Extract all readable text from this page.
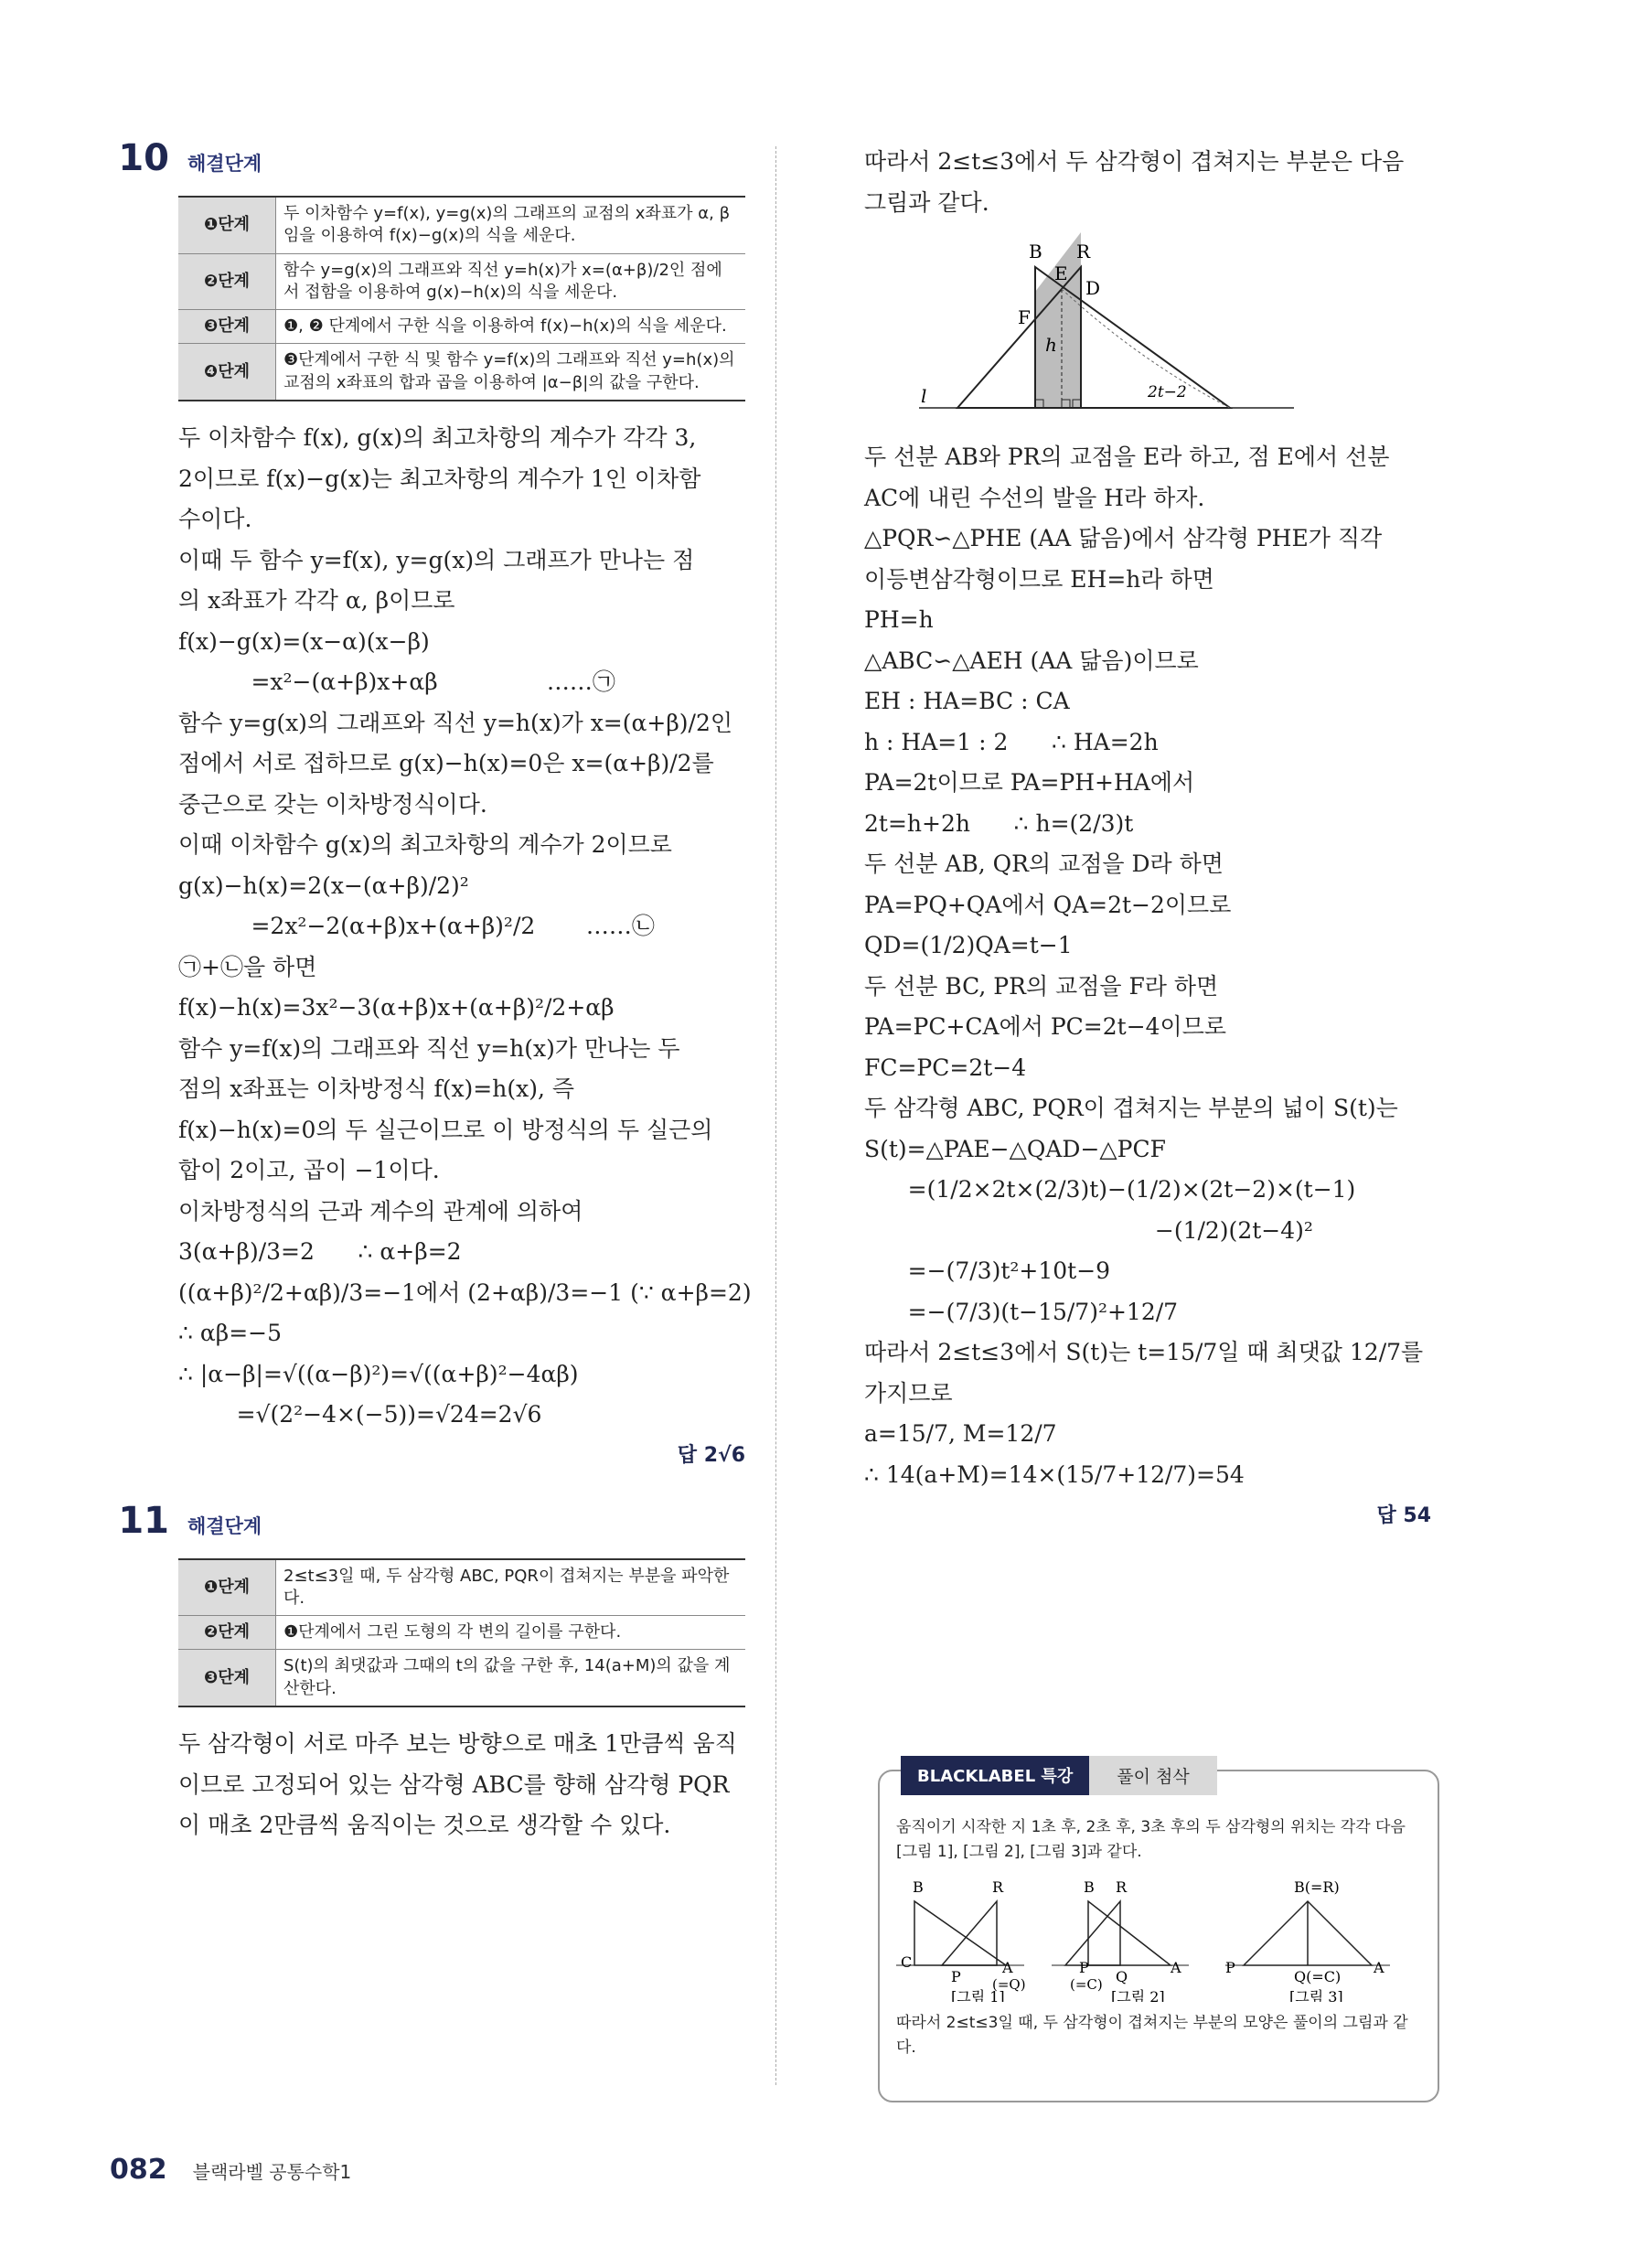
10 해결단계
❶단계	두 이차함수 y=f(x), y=g(x)의 그래프의 교점의 x좌표가 α, β임을 이용하여 f(x)−g(x)의 식을 세운다.
❷단계	함수 y=g(x)의 그래프와 직선 y=h(x)가 x=(α+β)/2인 점에서 접함을 이용하여 g(x)−h(x)의 식을 세운다.
❸단계	❶, ❷ 단계에서 구한 식을 이용하여 f(x)−h(x)의 식을 세운다.
❹단계	❸단계에서 구한 식 및 함수 y=f(x)의 그래프와 직선 y=h(x)의 교점의 x좌표의 합과 곱을 이용하여 |α−β|의 값을 구한다.
두 이차함수 f(x), g(x)의 최고차항의 계수가 각각 3,
2이므로 f(x)−g(x)는 최고차항의 계수가 1인 이차함
수이다.
이때 두 함수 y=f(x), y=g(x)의 그래프가 만나는 점
의 x좌표가 각각 α, β이므로
f(x)−g(x)=(x−α)(x−β)
=x²−(α+β)x+αβ               ……㉠
함수 y=g(x)의 그래프와 직선 y=h(x)가 x=(α+β)/2인
점에서 서로 접하므로 g(x)−h(x)=0은 x=(α+β)/2를
중근으로 갖는 이차방정식이다.
이때 이차함수 g(x)의 최고차항의 계수가 2이므로
g(x)−h(x)=2(x−(α+β)/2)²
=2x²−2(α+β)x+(α+β)²/2       ……㉡
㉠+㉡을 하면
f(x)−h(x)=3x²−3(α+β)x+(α+β)²/2+αβ
함수 y=f(x)의 그래프와 직선 y=h(x)가 만나는 두
점의 x좌표는 이차방정식 f(x)=h(x), 즉
f(x)−h(x)=0의 두 실근이므로 이 방정식의 두 실근의
합이 2이고, 곱이 −1이다.
이차방정식의 근과 계수의 관계에 의하여
3(α+β)/3=2      ∴ α+β=2
((α+β)²/2+αβ)/3=−1에서 (2+αβ)/3=−1 (∵ α+β=2)
∴ αβ=−5
∴ |α−β|=√((α−β)²)=√((α+β)²−4αβ)
=√(2²−4×(−5))=√24=2√6

답 2√6

11 해결단계
❶단계	2≤t≤3일 때, 두 삼각형 ABC, PQR이 겹쳐지는 부분을 파악한다.
❷단계	❶단계에서 그린 도형의 각 변의 길이를 구한다.
❸단계	S(t)의 최댓값과 그때의 t의 값을 구한 후, 14(a+M)의 값을 계산한다.
두 삼각형이 서로 마주 보는 방향으로 매초 1만큼씩 움직
이므로 고정되어 있는 삼각형 ABC를 향해 삼각형 PQR
이 매초 2만큼씩 움직이는 것으로 생각할 수 있다.
따라서 2≤t≤3에서 두 삼각형이 겹쳐지는 부분은 다음
그림과 같다.
B R
E
D
F
h
l	2t−2
두 선분 AB와 PR의 교점을 E라 하고, 점 E에서 선분
AC에 내린 수선의 발을 H라 하자.
△PQR∽△PHE (AA 닮음)에서 삼각형 PHE가 직각
이등변삼각형이므로 EH=h라 하면
PH=h
△ABC∽△AEH (AA 닮음)이므로
EH : HA=BC : CA
h : HA=1 : 2      ∴ HA=2h
PA=2t이므로 PA=PH+HA에서
2t=h+2h      ∴ h=(2/3)t
두 선분 AB, QR의 교점을 D라 하면
PA=PQ+QA에서 QA=2t−2이므로
QD=(1/2)QA=t−1
두 선분 BC, PR의 교점을 F라 하면
PA=PC+CA에서 PC=2t−4이므로
FC=PC=2t−4
두 삼각형 ABC, PQR이 겹쳐지는 부분의 넓이 S(t)는
S(t)=△PAE−△QAD−△PCF
=(1/2×2t×(2/3)t)−(1/2)×(2t−2)×(t−1)
−(1/2)(2t−4)²
=−(7/3)t²+10t−9
=−(7/3)(t−15/7)²+12/7
따라서 2≤t≤3에서 S(t)는 t=15/7일 때 최댓값 12/7를
가지므로
a=15/7, M=12/7
∴ 14(a+M)=14×(15/7+12/7)=54

답 54

BLACKLABEL 특강	풀이 첨삭
움직이기 시작한 지 1초 후, 2초 후, 3초 후의 두 삼각형의 위치는 각각 다음 [그림 1], [그림 2], [그림 3]과 같다.
B	R
C
P
A
(=Q)
[그림 1]
B R
P
Q
A
(=C)
[그림 2]
B(=R)
P
Q(=C)
A
[그림 3]
따라서 2≤t≤3일 때, 두 삼각형이 겹쳐지는 부분의 모양은 풀이의 그림과 같다.
082 블랙라벨 공통수학1
